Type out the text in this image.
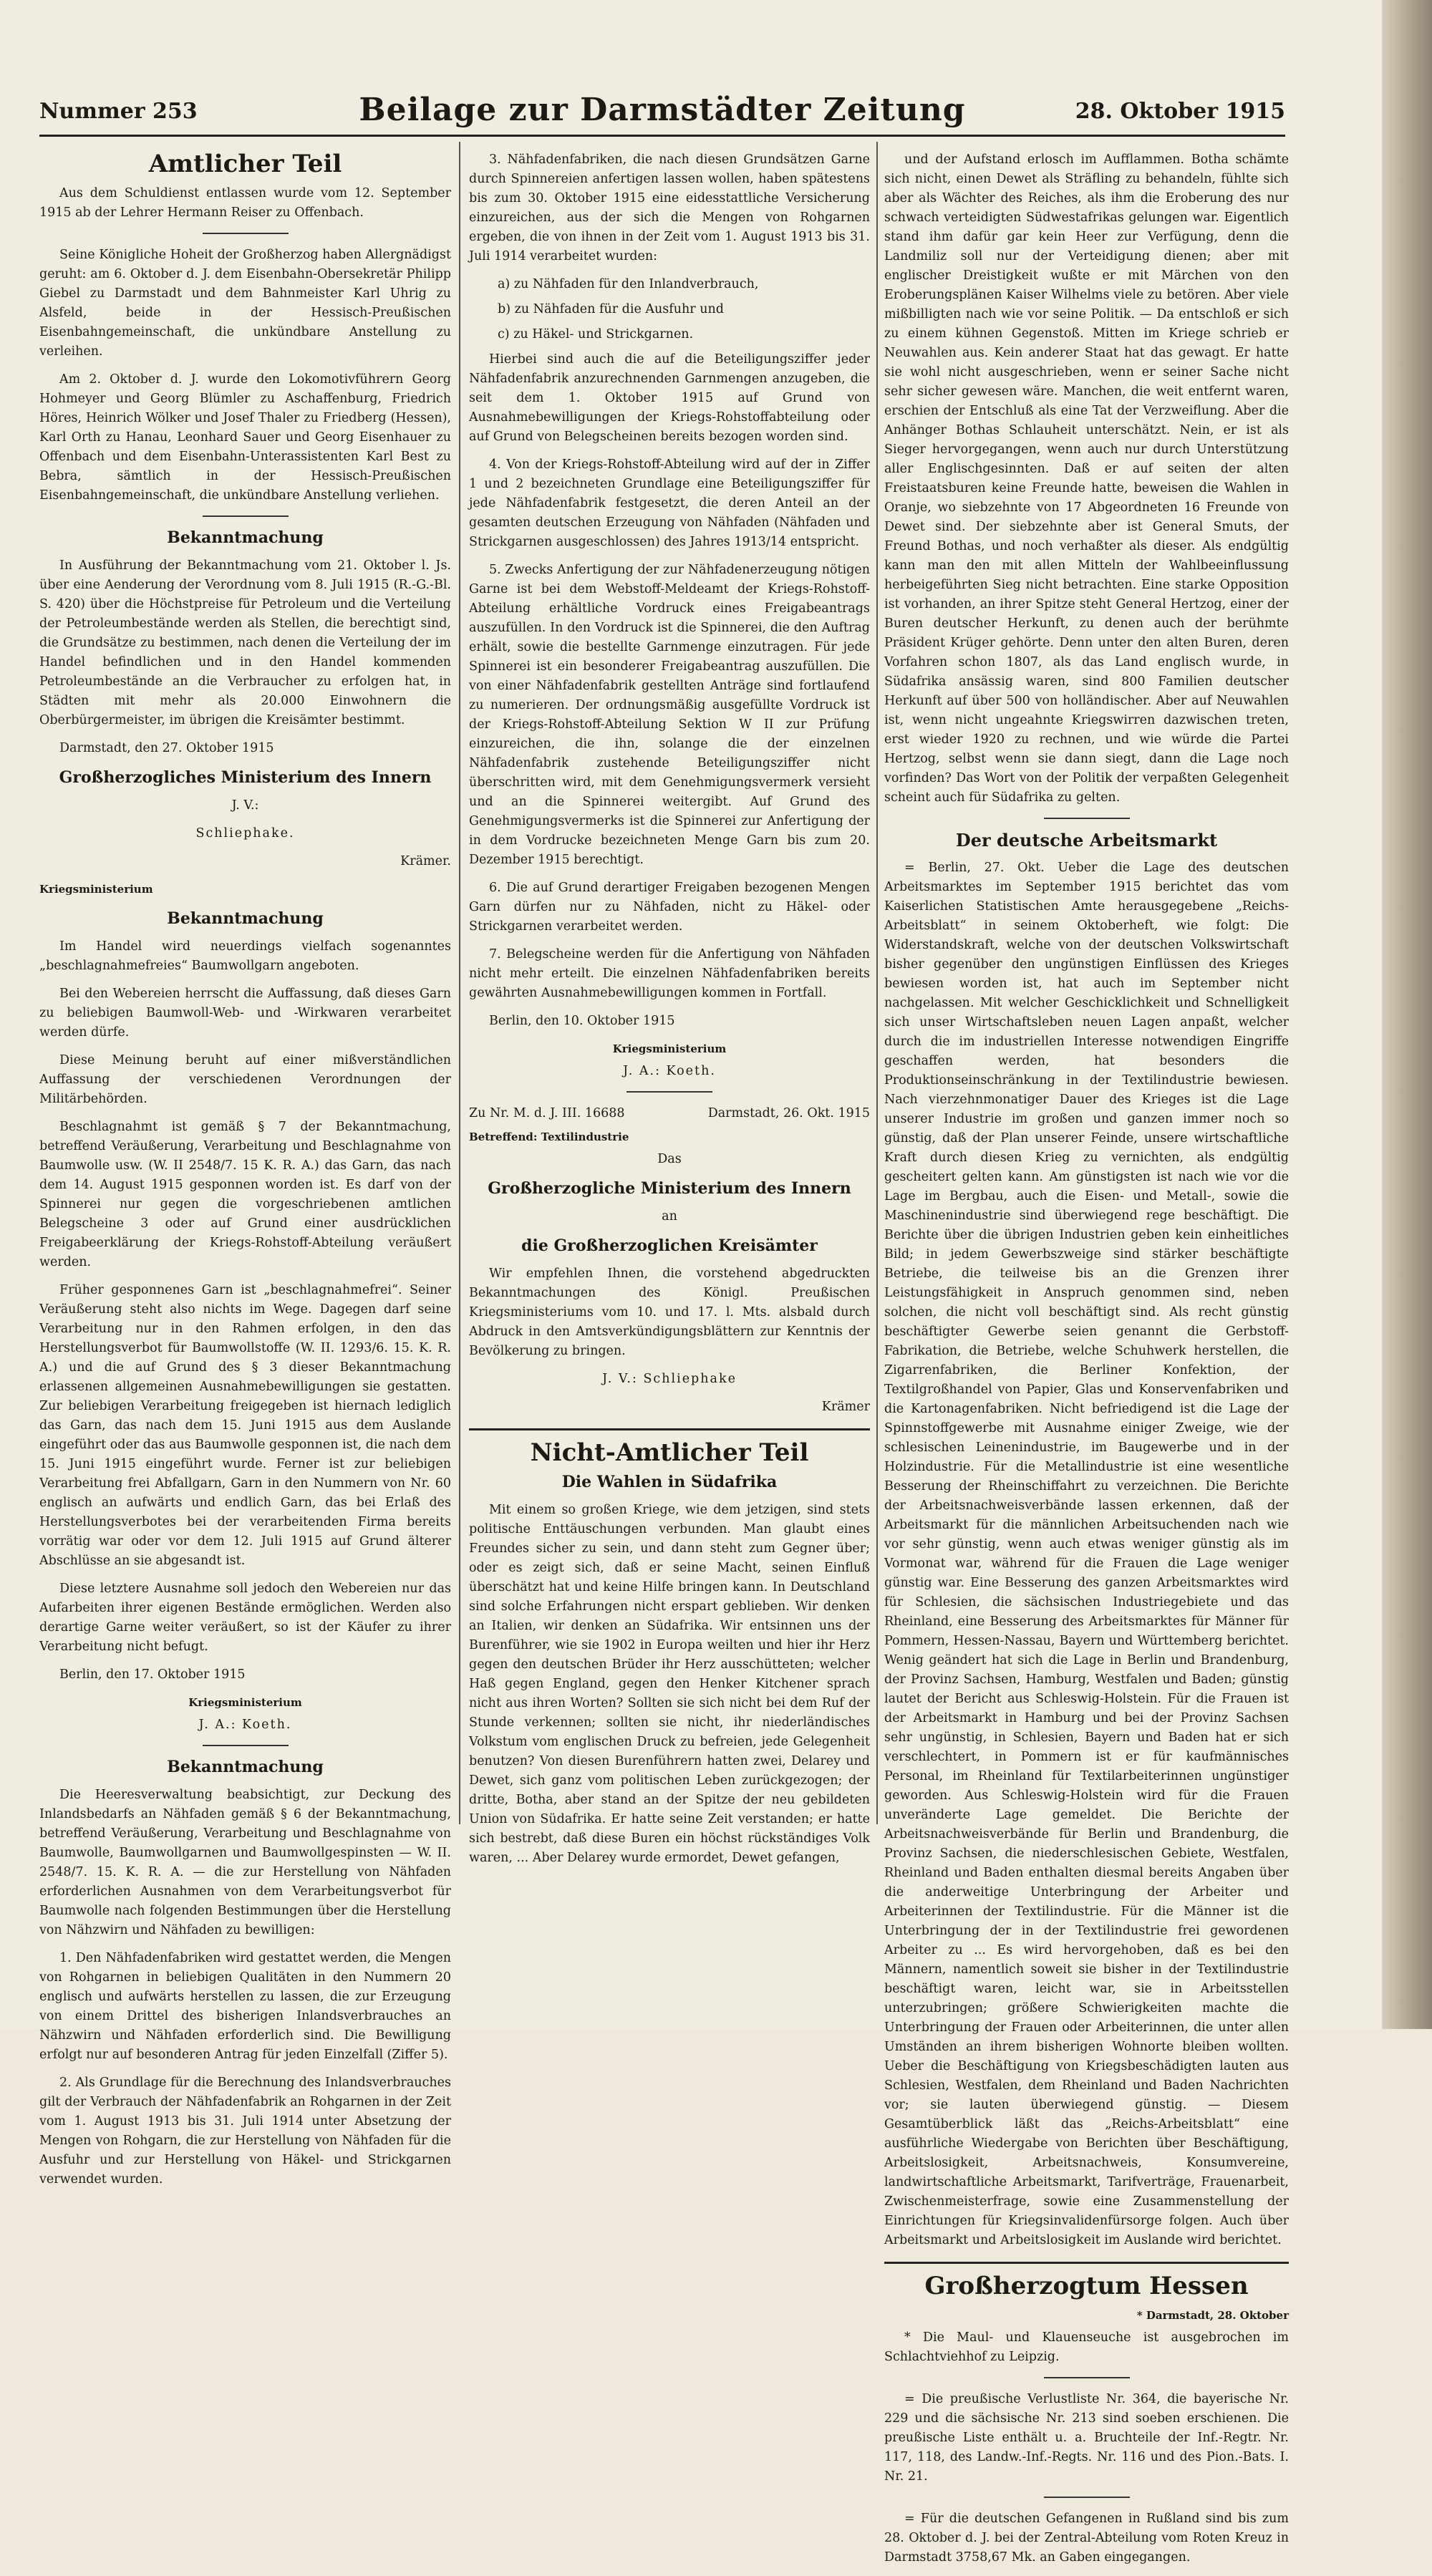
Nummer 253	Beilage zur Darmstädter Zeitung	28. Oktober 1915
Amtlicher Teil

Aus dem Schuldienst entlassen wurde vom 12. September 1915 ab der Lehrer Hermann Reiser zu Offenbach.

Seine Königliche Hoheit der Großherzog haben Allergnädigst geruht: am 6. Oktober d. J. dem Eisenbahn-Obersekretär Philipp Giebel zu Darmstadt und dem Bahnmeister Karl Uhrig zu Alsfeld, beide in der Hessisch-Preußischen Eisenbahngemeinschaft, die unkündbare Anstellung zu verleihen.

Am 2. Oktober d. J. wurde den Lokomotivführern Georg Hohmeyer und Georg Blümler zu Aschaffenburg, Friedrich Höres, Heinrich Wölker und Josef Thaler zu Friedberg (Hessen), Karl Orth zu Hanau, Leonhard Sauer und Georg Eisenhauer zu Offenbach und dem Eisenbahn-Unterassistenten Karl Best zu Bebra, sämtlich in der Hessisch-Preußischen Eisenbahngemeinschaft, die unkündbare Anstellung verliehen.

Bekanntmachung

In Ausführung der Bekanntmachung vom 21. Oktober l. Js. über eine Aenderung der Verordnung vom 8. Juli 1915 (R.-G.-Bl. S. 420) über die Höchstpreise für Petroleum und die Verteilung der Petroleumbestände werden als Stellen, die berechtigt sind, die Grundsätze zu bestimmen, nach denen die Verteilung der im Handel befindlichen und in den Handel kommenden Petroleumbestände an die Verbraucher zu erfolgen hat, in Städten mit mehr als 20.000 Einwohnern die Oberbürgermeister, im übrigen die Kreisämter bestimmt.

Darmstadt, den 27. Oktober 1915

Großherzogliches Ministerium des Innern

J. V.:

Schliephake.

Krämer.

Kriegsministerium

Bekanntmachung

Im Handel wird neuerdings vielfach sogenanntes „beschlagnahmefreies“ Baumwollgarn angeboten.

Bei den Webereien herrscht die Auffassung, daß dieses Garn zu beliebigen Baumwoll-Web- und -Wirkwaren verarbeitet werden dürfe.

Diese Meinung beruht auf einer mißverständlichen Auffassung der verschiedenen Verordnungen der Militärbehörden.

Beschlagnahmt ist gemäß § 7 der Bekanntmachung, betreffend Veräußerung, Verarbeitung und Beschlagnahme von Baumwolle usw. (W. II 2548/7. 15 K. R. A.) das Garn, das nach dem 14. August 1915 gesponnen worden ist. Es darf von der Spinnerei nur gegen die vorgeschriebenen amtlichen Belegscheine 3 oder auf Grund einer ausdrücklichen Freigabeerklärung der Kriegs-Rohstoff-Abteilung veräußert werden.

Früher gesponnenes Garn ist „beschlagnahmefrei“. Seiner Veräußerung steht also nichts im Wege. Dagegen darf seine Verarbeitung nur in den Rahmen erfolgen, in den das Herstellungsverbot für Baumwollstoffe (W. II. 1293/6. 15. K. R. A.) und die auf Grund des § 3 dieser Bekanntmachung erlassenen allgemeinen Ausnahmebewilligungen sie gestatten. Zur beliebigen Verarbeitung freigegeben ist hiernach lediglich das Garn, das nach dem 15. Juni 1915 aus dem Auslande eingeführt oder das aus Baumwolle gesponnen ist, die nach dem 15. Juni 1915 eingeführt wurde. Ferner ist zur beliebigen Verarbeitung frei Abfallgarn, Garn in den Nummern von Nr. 60 englisch an aufwärts und endlich Garn, das bei Erlaß des Herstellungsverbotes bei der verarbeitenden Firma bereits vorrätig war oder vor dem 12. Juli 1915 auf Grund älterer Abschlüsse an sie abgesandt ist.

Diese letztere Ausnahme soll jedoch den Webereien nur das Aufarbeiten ihrer eigenen Bestände ermöglichen. Werden also derartige Garne weiter veräußert, so ist der Käufer zu ihrer Verarbeitung nicht befugt.

Berlin, den 17. Oktober 1915

Kriegsministerium

J. A.: Koeth.

Bekanntmachung

Die Heeresverwaltung beabsichtigt, zur Deckung des Inlandsbedarfs an Nähfaden gemäß § 6 der Bekanntmachung, betreffend Veräußerung, Verarbeitung und Beschlagnahme von Baumwolle, Baumwollgarnen und Baumwollgespinsten — W. II. 2548/7. 15. K. R. A. — die zur Herstellung von Nähfaden erforderlichen Ausnahmen von dem Verarbeitungsverbot für Baumwolle nach folgenden Bestimmungen über die Herstellung von Nähzwirn und Nähfaden zu bewilligen:

1. Den Nähfadenfabriken wird gestattet werden, die Mengen von Rohgarnen in beliebigen Qualitäten in den Nummern 20 englisch und aufwärts herstellen zu lassen, die zur Erzeugung von einem Drittel des bisherigen Inlandsverbrauches an Nähzwirn und Nähfaden erforderlich sind. Die Bewilligung erfolgt nur auf besonderen Antrag für jeden Einzelfall (Ziffer 5).

2. Als Grundlage für die Berechnung des Inlandsverbrauches gilt der Verbrauch der Nähfadenfabrik an Rohgarnen in der Zeit vom 1. August 1913 bis 31. Juli 1914 unter Absetzung der Mengen von Rohgarn, die zur Herstellung von Nähfaden für die Ausfuhr und zur Herstellung von Häkel- und Strickgarnen verwendet wurden.

3. Nähfadenfabriken, die nach diesen Grundsätzen Garne durch Spinnereien anfertigen lassen wollen, haben spätestens bis zum 30. Oktober 1915 eine eidesstattliche Versicherung einzureichen, aus der sich die Mengen von Rohgarnen ergeben, die von ihnen in der Zeit vom 1. August 1913 bis 31. Juli 1914 verarbeitet wurden:

a) zu Nähfaden für den Inlandverbrauch,

b) zu Nähfaden für die Ausfuhr und

c) zu Häkel- und Strickgarnen.

Hierbei sind auch die auf die Beteiligungsziffer jeder Nähfadenfabrik anzurechnenden Garnmengen anzugeben, die seit dem 1. Oktober 1915 auf Grund von Ausnahmebewilligungen der Kriegs-Rohstoffabteilung oder auf Grund von Belegscheinen bereits bezogen worden sind.

4. Von der Kriegs-Rohstoff-Abteilung wird auf der in Ziffer 1 und 2 bezeichneten Grundlage eine Beteiligungsziffer für jede Nähfadenfabrik festgesetzt, die deren Anteil an der gesamten deutschen Erzeugung von Nähfaden (Nähfaden und Strickgarnen ausgeschlossen) des Jahres 1913/14 entspricht.

5. Zwecks Anfertigung der zur Nähfadenerzeugung nötigen Garne ist bei dem Webstoff-Meldeamt der Kriegs-Rohstoff-Abteilung erhältliche Vordruck eines Freigabeantrags auszufüllen. In den Vordruck ist die Spinnerei, die den Auftrag erhält, sowie die bestellte Garnmenge einzutragen. Für jede Spinnerei ist ein besonderer Freigabeantrag auszufüllen. Die von einer Nähfadenfabrik gestellten Anträge sind fortlaufend zu numerieren. Der ordnungsmäßig ausgefüllte Vordruck ist der Kriegs-Rohstoff-Abteilung Sektion W II zur Prüfung einzureichen, die ihn, solange die der einzelnen Nähfadenfabrik zustehende Beteiligungsziffer nicht überschritten wird, mit dem Genehmigungsvermerk versieht und an die Spinnerei weitergibt. Auf Grund des Genehmigungsvermerks ist die Spinnerei zur Anfertigung der in dem Vordrucke bezeichneten Menge Garn bis zum 20. Dezember 1915 berechtigt.

6. Die auf Grund derartiger Freigaben bezogenen Mengen Garn dürfen nur zu Nähfaden, nicht zu Häkel- oder Strickgarnen verarbeitet werden.

7. Belegscheine werden für die Anfertigung von Nähfaden nicht mehr erteilt. Die einzelnen Nähfadenfabriken bereits gewährten Ausnahmebewilligungen kommen in Fortfall.

Berlin, den 10. Oktober 1915

Kriegsministerium

J. A.: Koeth.

Zu Nr. M. d. J. III. 16688	Darmstadt, 26. Okt. 1915

Betreffend: Textilindustrie

Das

Großherzogliche Ministerium des Innern

an

die Großherzoglichen Kreisämter

Wir empfehlen Ihnen, die vorstehend abgedruckten Bekanntmachungen des Königl. Preußischen Kriegsministeriums vom 10. und 17. l. Mts. alsbald durch Abdruck in den Amtsverkündigungsblättern zur Kenntnis der Bevölkerung zu bringen.

J. V.: Schliephake

Krämer

Nicht-Amtlicher Teil
Die Wahlen in Südafrika

Mit einem so großen Kriege, wie dem jetzigen, sind stets politische Enttäuschungen verbunden. Man glaubt eines Freundes sicher zu sein, und dann steht zum Gegner über; oder es zeigt sich, daß er seine Macht, seinen Einfluß überschätzt hat und keine Hilfe bringen kann. In Deutschland sind solche Erfahrungen nicht erspart geblieben. Wir denken an Italien, wir denken an Südafrika. Wir entsinnen uns der Burenführer, wie sie 1902 in Europa weilten und hier ihr Herz gegen den deutschen Brüder ihr Herz ausschütteten; welcher Haß gegen England, gegen den Henker Kitchener sprach nicht aus ihren Worten? Sollten sie sich nicht bei dem Ruf der Stunde verkennen; sollten sie nicht, ihr niederländisches Volkstum vom englischen Druck zu befreien, jede Gelegenheit benutzen? Von diesen Burenführern hatten zwei, Delarey und Dewet, sich ganz vom politischen Leben zurückgezogen; der dritte, Botha, aber stand an der Spitze der neu gebildeten Union von Südafrika. Er hatte seine Zeit verstanden; er hatte sich bestrebt, daß diese Buren ein höchst rückständiges Volk waren, ... Aber Delarey wurde ermordet, Dewet gefangen,

und der Aufstand erlosch im Aufflammen. Botha schämte sich nicht, einen Dewet als Sträfling zu behandeln, fühlte sich aber als Wächter des Reiches, als ihm die Eroberung des nur schwach verteidigten Südwestafrikas gelungen war. Eigentlich stand ihm dafür gar kein Heer zur Verfügung, denn die Landmiliz soll nur der Verteidigung dienen; aber mit englischer Dreistigkeit wußte er mit Märchen von den Eroberungsplänen Kaiser Wilhelms viele zu betören. Aber viele mißbilligten nach wie vor seine Politik. — Da entschloß er sich zu einem kühnen Gegenstoß. Mitten im Kriege schrieb er Neuwahlen aus. Kein anderer Staat hat das gewagt. Er hatte sie wohl nicht ausgeschrieben, wenn er seiner Sache nicht sehr sicher gewesen wäre. Manchen, die weit entfernt waren, erschien der Entschluß als eine Tat der Verzweiflung. Aber die Anhänger Bothas Schlauheit unterschätzt. Nein, er ist als Sieger hervorgegangen, wenn auch nur durch Unterstützung aller Englischgesinnten. Daß er auf seiten der alten Freistaatsburen keine Freunde hatte, beweisen die Wahlen in Oranje, wo siebzehnte von 17 Abgeordneten 16 Freunde von Dewet sind. Der siebzehnte aber ist General Smuts, der Freund Bothas, und noch verhaßter als dieser. Als endgültig kann man den mit allen Mitteln der Wahlbeeinflussung herbeigeführten Sieg nicht betrachten. Eine starke Opposition ist vorhanden, an ihrer Spitze steht General Hertzog, einer der Buren deutscher Herkunft, zu denen auch der berühmte Präsident Krüger gehörte. Denn unter den alten Buren, deren Vorfahren schon 1807, als das Land englisch wurde, in Südafrika ansässig waren, sind 800 Familien deutscher Herkunft auf über 500 von holländischer. Aber auf Neuwahlen ist, wenn nicht ungeahnte Kriegswirren dazwischen treten, erst wieder 1920 zu rechnen, und wie würde die Partei Hertzog, selbst wenn sie dann siegt, dann die Lage noch vorfinden? Das Wort von der Politik der verpaßten Gelegenheit scheint auch für Südafrika zu gelten.

Der deutsche Arbeitsmarkt

= Berlin, 27. Okt. Ueber die Lage des deutschen Arbeitsmarktes im September 1915 berichtet das vom Kaiserlichen Statistischen Amte herausgegebene „Reichs-Arbeitsblatt“ in seinem Oktoberheft, wie folgt: Die Widerstandskraft, welche von der deutschen Volkswirtschaft bisher gegenüber den ungünstigen Einflüssen des Krieges bewiesen worden ist, hat auch im September nicht nachgelassen. Mit welcher Geschicklichkeit und Schnelligkeit sich unser Wirtschaftsleben neuen Lagen anpaßt, welcher durch die im industriellen Interesse notwendigen Eingriffe geschaffen werden, hat besonders die Produktionseinschränkung in der Textilindustrie bewiesen. Nach vierzehnmonatiger Dauer des Krieges ist die Lage unserer Industrie im großen und ganzen immer noch so günstig, daß der Plan unserer Feinde, unsere wirtschaftliche Kraft durch diesen Krieg zu vernichten, als endgültig gescheitert gelten kann. Am günstigsten ist nach wie vor die Lage im Bergbau, auch die Eisen- und Metall-, sowie die Maschinenindustrie sind überwiegend rege beschäftigt. Die Berichte über die übrigen Industrien geben kein einheitliches Bild; in jedem Gewerbszweige sind stärker beschäftigte Betriebe, die teilweise bis an die Grenzen ihrer Leistungsfähigkeit in Anspruch genommen sind, neben solchen, die nicht voll beschäftigt sind. Als recht günstig beschäftigter Gewerbe seien genannt die Gerbstoff-Fabrikation, die Betriebe, welche Schuhwerk herstellen, die Zigarrenfabriken, die Berliner Konfektion, der Textilgroßhandel von Papier, Glas und Konservenfabriken und die Kartonagenfabriken. Nicht befriedigend ist die Lage der Spinnstoffgewerbe mit Ausnahme einiger Zweige, wie der schlesischen Leinenindustrie, im Baugewerbe und in der Holzindustrie. Für die Metallindustrie ist eine wesentliche Besserung der Rheinschiffahrt zu verzeichnen. Die Berichte der Arbeitsnachweisverbände lassen erkennen, daß der Arbeitsmarkt für die männlichen Arbeitsuchenden nach wie vor sehr günstig, wenn auch etwas weniger günstig als im Vormonat war, während für die Frauen die Lage weniger günstig war. Eine Besserung des ganzen Arbeitsmarktes wird für Schlesien, die sächsischen Industriegebiete und das Rheinland, eine Besserung des Arbeitsmarktes für Männer für Pommern, Hessen-Nassau, Bayern und Württemberg berichtet. Wenig geändert hat sich die Lage in Berlin und Brandenburg, der Provinz Sachsen, Hamburg, Westfalen und Baden; günstig lautet der Bericht aus Schleswig-Holstein. Für die Frauen ist der Arbeitsmarkt in Hamburg und bei der Provinz Sachsen sehr ungünstig, in Schlesien, Bayern und Baden hat er sich verschlechtert, in Pommern ist er für kaufmännisches Personal, im Rheinland für Textilarbeiterinnen ungünstiger geworden. Aus Schleswig-Holstein wird für die Frauen unveränderte Lage gemeldet. Die Berichte der Arbeitsnachweisverbände für Berlin und Brandenburg, die Provinz Sachsen, die niederschlesischen Gebiete, Westfalen, Rheinland und Baden enthalten diesmal bereits Angaben über die anderweitige Unterbringung der Arbeiter und Arbeiterinnen der Textilindustrie. Für die Männer ist die Unterbringung der in der Textilindustrie frei gewordenen Arbeiter zu ... Es wird hervorgehoben, daß es bei den Männern, namentlich soweit sie bisher in der Textilindustrie beschäftigt waren, leicht war, sie in Arbeitsstellen unterzubringen; größere Schwierigkeiten machte die Unterbringung der Frauen oder Arbeiterinnen, die unter allen Umständen an ihrem bisherigen Wohnorte bleiben wollten. Ueber die Beschäftigung von Kriegsbeschädigten lauten aus Schlesien, Westfalen, dem Rheinland und Baden Nachrichten vor; sie lauten überwiegend günstig. — Diesem Gesamtüberblick läßt das „Reichs-Arbeitsblatt“ eine ausführliche Wiedergabe von Berichten über Beschäftigung, Arbeitslosigkeit, Arbeitsnachweis, Konsumvereine, landwirtschaftliche Arbeitsmarkt, Tarifverträge, Frauenarbeit, Zwischenmeisterfrage, sowie eine Zusammenstellung der Einrichtungen für Kriegsinvalidenfürsorge folgen. Auch über Arbeitsmarkt und Arbeitslosigkeit im Auslande wird berichtet.

Großherzogtum Hessen

* Darmstadt, 28. Oktober

* Die Maul- und Klauenseuche ist ausgebrochen im Schlachtviehhof zu Leipzig.

= Die preußische Verlustliste Nr. 364, die bayerische Nr. 229 und die sächsische Nr. 213 sind soeben erschienen. Die preußische Liste enthält u. a. Bruchteile der Inf.-Regtr. Nr. 117, 118, des Landw.-Inf.-Regts. Nr. 116 und des Pion.-Bats. I. Nr. 21.

= Für die deutschen Gefangenen in Rußland sind bis zum 28. Oktober d. J. bei der Zentral-Abteilung vom Roten Kreuz in Darmstadt 3758,67 Mk. an Gaben eingegangen.
